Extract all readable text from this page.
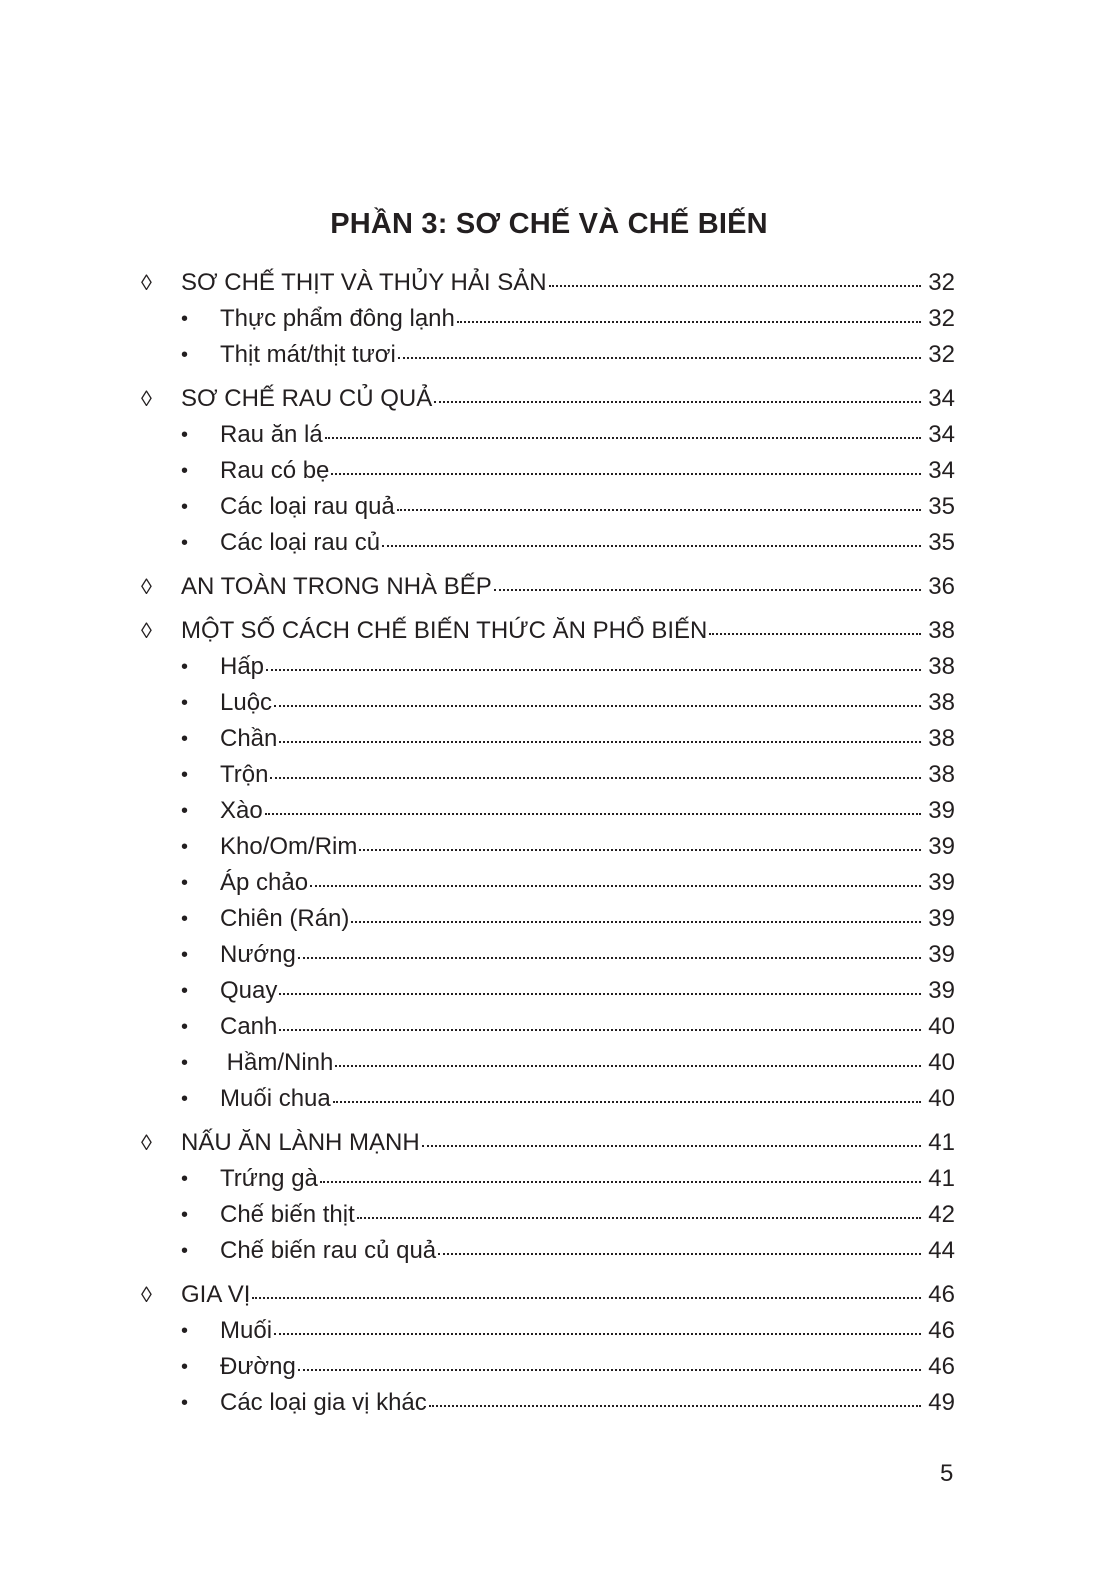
PHẦN 3: SƠ CHẾ VÀ CHẾ BIẾN
◊ SƠ CHẾ THỊT VÀ THỦY HẢI SẢN	32
• Thực phẩm đông lạnh	32
• Thịt mát/thịt tươi	32
◊ SƠ CHẾ RAU CỦ QUẢ	34
• Rau ăn lá	34
• Rau có bẹ	34
• Các loại rau quả	35
• Các loại rau củ	35
◊ AN TOÀN TRONG NHÀ BẾP	36
◊ MỘT SỐ CÁCH CHẾ BIẾN THỨC ĂN PHỔ BIẾN	38
• Hấp	38
• Luộc	38
• Chần	38
• Trộn	38
• Xào	39
• Kho/Om/Rim	39
• Áp chảo	39
• Chiên (Rán)	39
• Nướng	39
• Quay	39
• Canh	40
• Hầm/Ninh	40
• Muối chua	40
◊ NẤU ĂN LÀNH MẠNH	41
• Trứng gà	41
• Chế biến thịt	42
• Chế biến rau củ quả	44
◊ GIA VỊ	46
• Muối	46
• Đường	46
• Các loại gia vị khác	49
5
